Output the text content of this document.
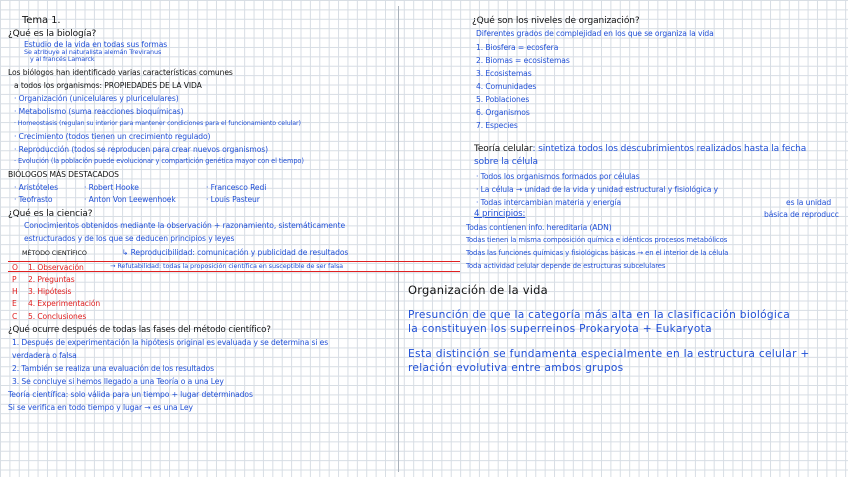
Tema 1.
¿Qué es la biología?
Estudio de la vida en todas sus formas
Se atribuye al naturalista alemán Treviranus
y al francés Lamarck
Los biólogos han identificado varias características comunes
a todos los organismos: PROPIEDADES DE LA VIDA
· Organización (unicelulares y pluricelulares)
· Metabolismo (suma reacciones bioquímicas)
· Homeostasis (regulan su interior para mantener condiciones para el funcionamiento celular)
· Crecimiento (todos tienen un crecimiento regulado)
· Reproducción (todos se reproducen para crear nuevos organismos)
· Evolución (la población puede evolucionar y compartición genética mayor con el tiempo)
BIÓLOGOS MÁS DESTACADOS
· Aristóteles	· Robert Hooke	· Francesco Redi
· Teofrasto	· Anton Von Leewenhoek	· Louis Pasteur
¿Qué es la ciencia?
Conocimientos obtenidos mediante la observación + razonamiento, sistemáticamente
estructurados y de los que se deducen principios y leyes
MÉTODO CIENTÍFICO	↳ Reproducibilidad: comunicación y publicidad de resultados
→ Refutabilidad: todas la proposición científica en susceptible de ser falsa
O 1. Observación
P 2. Preguntas
H 3. Hipótesis
E 4. Experimentación
C 5. Conclusiones
¿Qué ocurre después de todas las fases del método científico?
1. Después de experimentación la hipótesis original es evaluada y se determina si es
verdadera o falsa
2. También se realiza una evaluación de los resultados
3. Se concluye si hemos llegado a una Teoría o a una Ley
Teoría científica: solo válida para un tiempo + lugar determinados
Si se verifica en todo tiempo y lugar → es una Ley
¿Qué son los niveles de organización?
Diferentes grados de complejidad en los que se organiza la vida
1. Biosfera = ecosfera
2. Biomas = ecosistemas
3. Ecosistemas
4. Comunidades
5. Poblaciones
6. Organismos
7. Especies
Teoría celular: sintetiza todos los descubrimientos realizados hasta la fecha
sobre la célula
· Todos los organismos formados por células
· La célula → unidad de la vida y unidad estructural y fisiológica y
· Todas intercambian materia y energía	es la unidad
4 principios:	básica de reproducc
Todas contienen info. hereditaria (ADN)
Todas tienen la misma composición química e idénticos procesos metabólicos
Todas las funciones químicas y fisiológicas básicas → en el interior de la célula
Toda actividad celular depende de estructuras subcelulares
Organización de la vida
Presunción de que la categoría más alta en la clasificación biológica
la constituyen los superreinos Prokaryota + Eukaryota
Esta distinción se fundamenta especialmente en la estructura celular +
relación evolutiva entre ambos grupos
